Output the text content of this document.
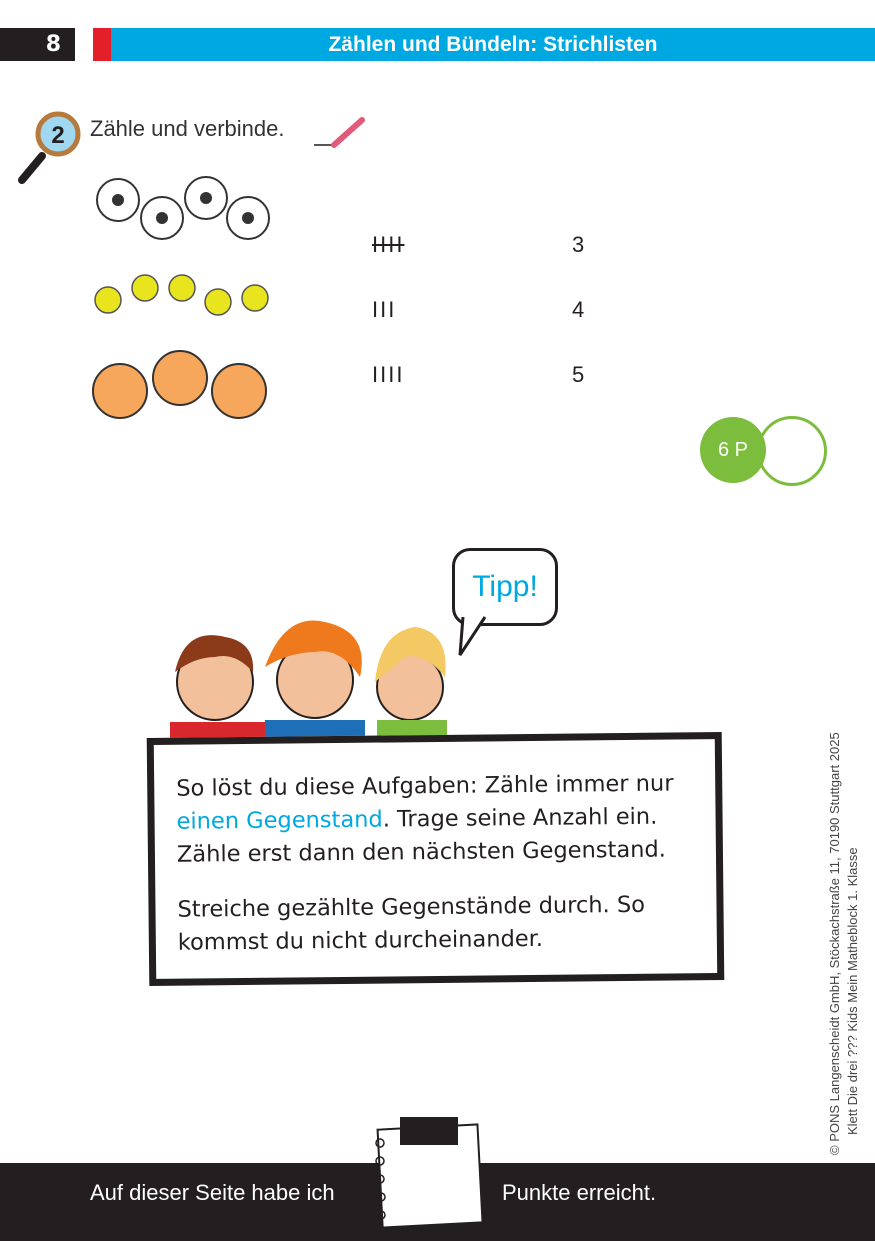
8	Zählen und Bündeln: Strichlisten
2 Zähle und verbinde.
IIII
III
IIII
3
4
5
6 P
Tipp!

So löst du diese Aufgaben: Zähle immer nur einen Gegenstand. Trage seine Anzahl ein. Zähle erst dann den nächsten Gegenstand.

Streiche gezählte Gegenstände durch. So kommst du nicht durcheinander.	© PONS Langenscheidt GmbH, Stöckachstraße 11, 70190 Stuttgart 2025 Klett Die drei ??? Kids Mein Matheblock 1. Klasse
Auf dieser Seite habe ich	Punkte erreicht.
